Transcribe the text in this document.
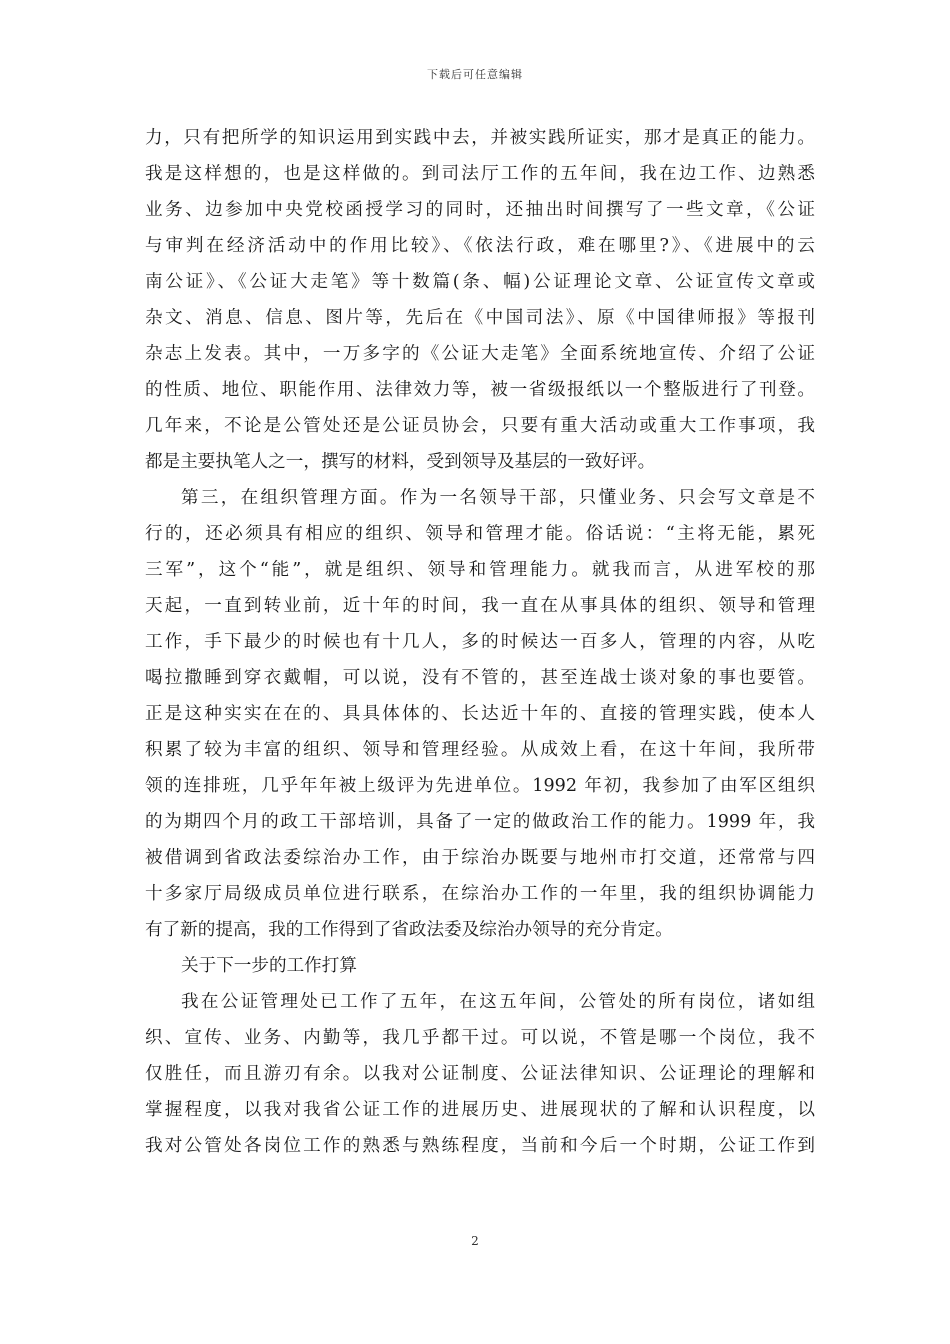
下载后可任意编辑
力，只有把所学的知识运用到实践中去，并被实践所证实，那才是真正的能力。
我是这样想的，也是这样做的。到司法厅工作的五年间，我在边工作、边熟悉
业务、边参加中央党校函授学习的同时，还抽出时间撰写了一些文章，《公证
与审判在经济活动中的作用比较》、《依法行政，难在哪里?》、《进展中的云
南公证》、《公证大走笔》等十数篇(条、幅)公证理论文章、公证宣传文章或
杂文、消息、信息、图片等，先后在《中国司法》、原《中国律师报》等报刊
杂志上发表。其中，一万多字的《公证大走笔》全面系统地宣传、介绍了公证
的性质、地位、职能作用、法律效力等，被一省级报纸以一个整版进行了刊登。
几年来，不论是公管处还是公证员协会，只要有重大活动或重大工作事项，我
都是主要执笔人之一，撰写的材料，受到领导及基层的一致好评。
第三，在组织管理方面。作为一名领导干部，只懂业务、只会写文章是不
行的，还必须具有相应的组织、领导和管理才能。俗话说：“主将无能，累死
三军”，这个“能”，就是组织、领导和管理能力。就我而言，从进军校的那
天起，一直到转业前，近十年的时间，我一直在从事具体的组织、领导和管理
工作，手下最少的时候也有十几人，多的时候达一百多人，管理的内容，从吃
喝拉撒睡到穿衣戴帽，可以说，没有不管的，甚至连战士谈对象的事也要管。
正是这种实实在在的、具具体体的、长达近十年的、直接的管理实践，使本人
积累了较为丰富的组织、领导和管理经验。从成效上看，在这十年间，我所带
领的连排班，几乎年年被上级评为先进单位。1992 年初，我参加了由军区组织
的为期四个月的政工干部培训，具备了一定的做政治工作的能力。1999 年，我
被借调到省政法委综治办工作，由于综治办既要与地州市打交道，还常常与四
十多家厅局级成员单位进行联系，在综治办工作的一年里，我的组织协调能力
有了新的提高，我的工作得到了省政法委及综治办领导的充分肯定。
关于下一步的工作打算
我在公证管理处已工作了五年，在这五年间，公管处的所有岗位，诸如组
织、宣传、业务、内勤等，我几乎都干过。可以说，不管是哪一个岗位，我不
仅胜任，而且游刃有余。以我对公证制度、公证法律知识、公证理论的理解和
掌握程度，以我对我省公证工作的进展历史、进展现状的了解和认识程度，以
我对公管处各岗位工作的熟悉与熟练程度，当前和今后一个时期，公证工作到
2
